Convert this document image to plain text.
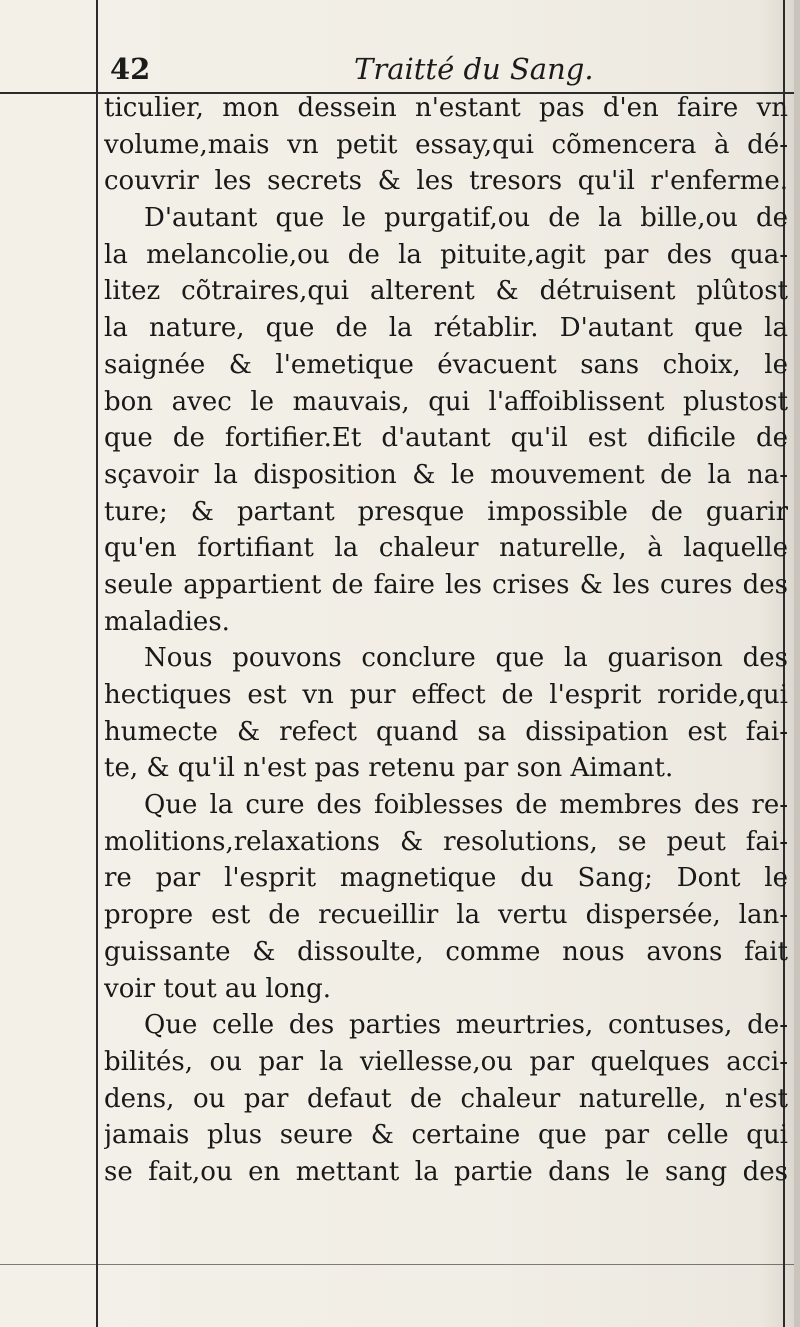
42	Traitté du Sang.
ticulier, mon dessein n'estant pas d'en faire vn
volume,mais vn petit essay,qui cõmencera à dé-
couvrir les secrets & les tresors qu'il r'enferme.
D'autant que le purgatif,ou de la bille,ou de
la melancolie,ou de la pituite,agit par des qua-
litez cõtraires,qui alterent & détruisent plûtost
la nature, que de la rétablir. D'autant que la
saignée & l'emetique évacuent sans choix, le
bon avec le mauvais, qui l'affoiblissent plustost
que de fortifier.Et d'autant qu'il est dificile de
sçavoir la disposition & le mouvement de la na-
ture; & partant presque impossible de guarir
qu'en fortifiant la chaleur naturelle, à laquelle
seule appartient de faire les crises & les cures des
maladies.
Nous pouvons conclure que la guarison des
hectiques est vn pur effect de l'esprit roride,qui
humecte & refect quand sa dissipation est fai-
te, & qu'il n'est pas retenu par son Aimant.
Que la cure des foiblesses de membres des re-
molitions,relaxations & resolutions, se peut fai-
re par l'esprit magnetique du Sang; Dont le
propre est de recueillir la vertu dispersée, lan-
guissante & dissoulte, comme nous avons fait
voir tout au long.
Que celle des parties meurtries, contuses, de-
bilités, ou par la viellesse,ou par quelques acci-
dens, ou par defaut de chaleur naturelle, n'est
jamais plus seure & certaine que par celle qui
se fait,ou en mettant la partie dans le sang des
